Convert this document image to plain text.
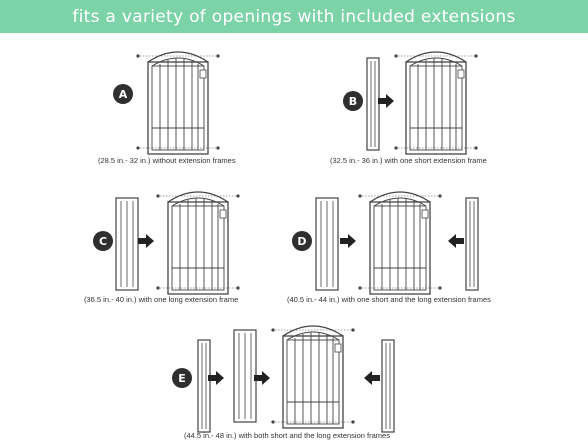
fits a variety of openings with included extensions
A
B
C	D
E
(28.5 in.- 32 in.) without extension frames	(32.5 in.- 36 in.) with one short extension frame
(36.5 in.- 40 in.) with one long extension frame	(40.5 in.- 44 in.) with one short and the long extension frames
(44.5 in.- 48 in.) with both short and the long extension frames
